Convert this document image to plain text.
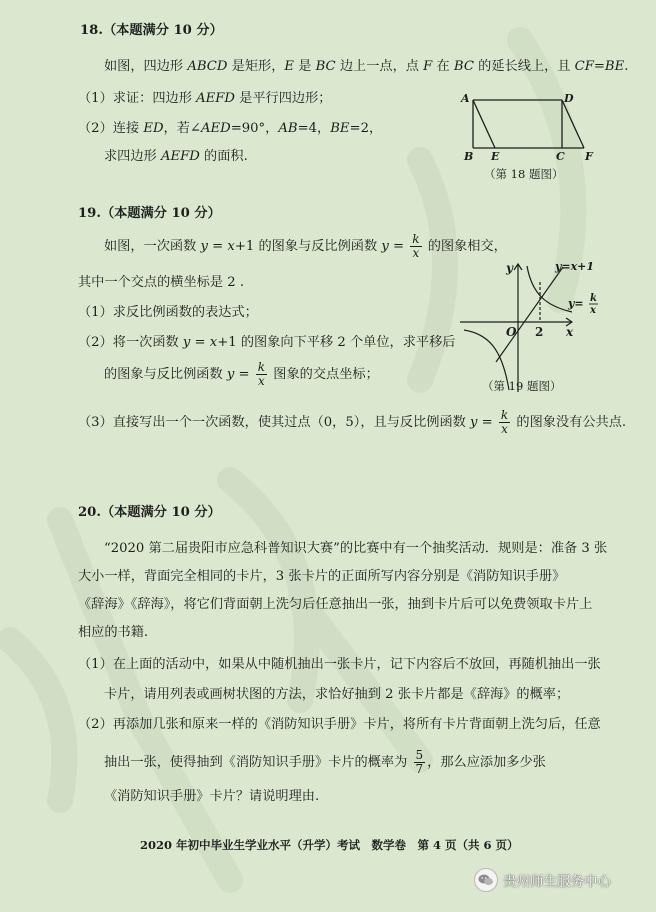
18.（本题满分 10 分）
如图，四边形 ABCD 是矩形，E 是 BC 边上一点，点 F 在 BC 的延长线上，且 CF=BE.
（1）求证：四边形 AEFD 是平行四边形；
（2）连接 ED，若∠AED=90°，AB=4，BE=2，
求四边形 AEFD 的面积.
A	D
B E	C F
（第 18 题图）
19.（本题满分 10 分）
如图，一次函数 y = x+1 的图象与反比例函数 $y = \frac{k}{x}$ 的图象相交，
其中一个交点的横坐标是 2 .
（1）求反比例函数的表达式；
（2）将一次函数 y = x+1 的图象向下平移 2 个单位，求平移后
的图象与反比例函数 $y = \frac{k}{x}$ 图象的交点坐标；
（3）直接写出一个一次函数，使其过点（0，5），且与反比例函数 $y = \frac{k}{x}$ 的图象没有公共点.
y
x
O 2
y=x+1
y= k
x
（第 19 题图）
20.（本题满分 10 分）
“2020 第二届贵阳市应急科普知识大赛”的比赛中有一个抽奖活动．规则是：准备 3 张
大小一样，背面完全相同的卡片，3 张卡片的正面所写内容分别是《消防知识手册》
《辞海》《辞海》，将它们背面朝上洗匀后任意抽出一张，抽到卡片后可以免费领取卡片上
相应的书籍.
（1）在上面的活动中，如果从中随机抽出一张卡片，记下内容后不放回，再随机抽出一张
卡片，请用列表或画树状图的方法，求恰好抽到 2 张卡片都是《辞海》的概率；
（2）再添加几张和原来一样的《消防知识手册》卡片，将所有卡片背面朝上洗匀后，任意
抽出一张，使得抽到《消防知识手册》卡片的概率为 $\frac{5}{7}$ ，那么应添加多少张
《消防知识手册》卡片？请说明理由.
2020 年初中毕业生学业水平（升学）考试　数学卷　第 4 页（共 6 页）
贵州师生服务中心
